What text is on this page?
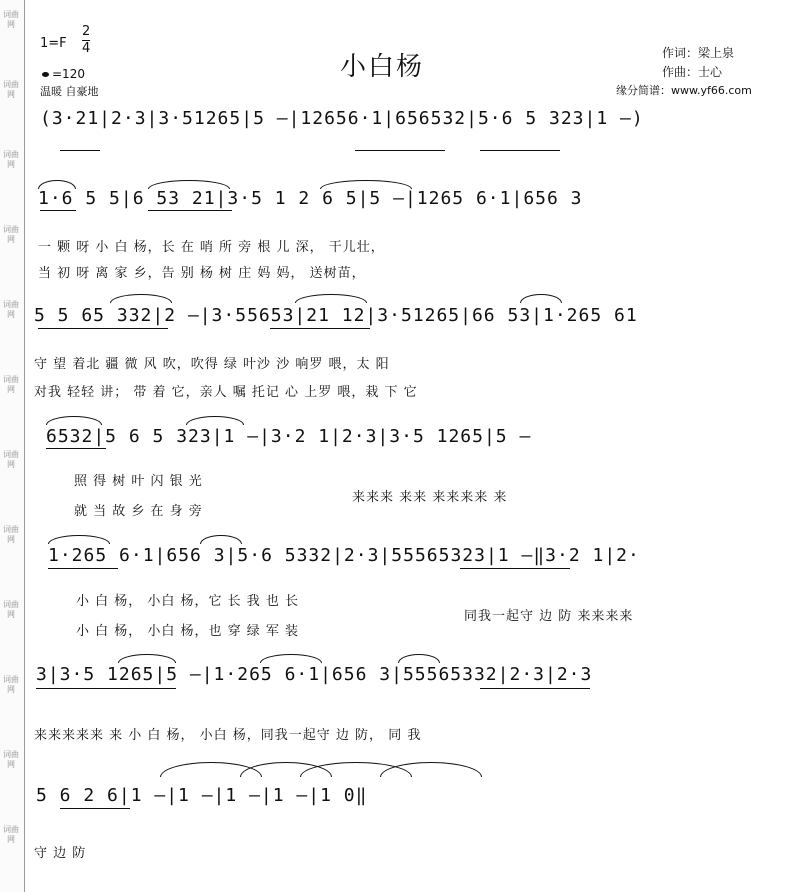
词曲网
词曲网
词曲网
词曲网
词曲网
词曲网
词曲网
词曲网
词曲网
词曲网
词曲网
词曲网
$1=F \frac{2}{4}$
=120
温暖 自豪地
小白杨	作词：梁上泉
作曲：士心
缘分简谱：www.yf66.com
(3·21|2·3|3·51265|5 –|12656·1|656532|5·6 5 323|1 –)
1·6 5 5|6 53 21|3·5 1 2 6 5|5 –|1265 6·1|656 3
一 颗 呀 小 白 杨，长 在 哨 所 旁 根 儿 深， 干儿壮，
当 初 呀 离 家 乡，告 别 杨 树 庄 妈 妈， 送树苗，
5 5 65 332|2 –|3·55653|21 12|3·51265|66 53|1·265 61
守 望 着北 疆 微 风 吹，吹得 绿 叶沙 沙 响罗 喂，太 阳
对我 轻轻 讲； 带 着 它，亲人 嘱 托记 心 上罗 喂，栽 下 它
6532|5 6 5 323|1 –|3·2 1|2·3|3·5 1265|5 –
照 得 树 叶 闪 银 光
就 当 故 乡 在 身 旁
来来来 来来 来来来来 来
1·265 6·1|656 3|5·6 5332|2·3|55565323|1 –‖3·2 1|2·
小 白 杨， 小白 杨，它 长 我 也 长
小 白 杨， 小白 杨，也 穿 绿 军 装
同我一起守 边 防 来来来来
3|3·5 1265|5 –|1·265 6·1|656 3|55565332|2·3|2·3
来来来来来 来 小 白 杨， 小白 杨，同我一起守 边 防， 同 我
5 6 2 6|1 –|1 –|1 –|1 –|1 0‖
守 边 防
